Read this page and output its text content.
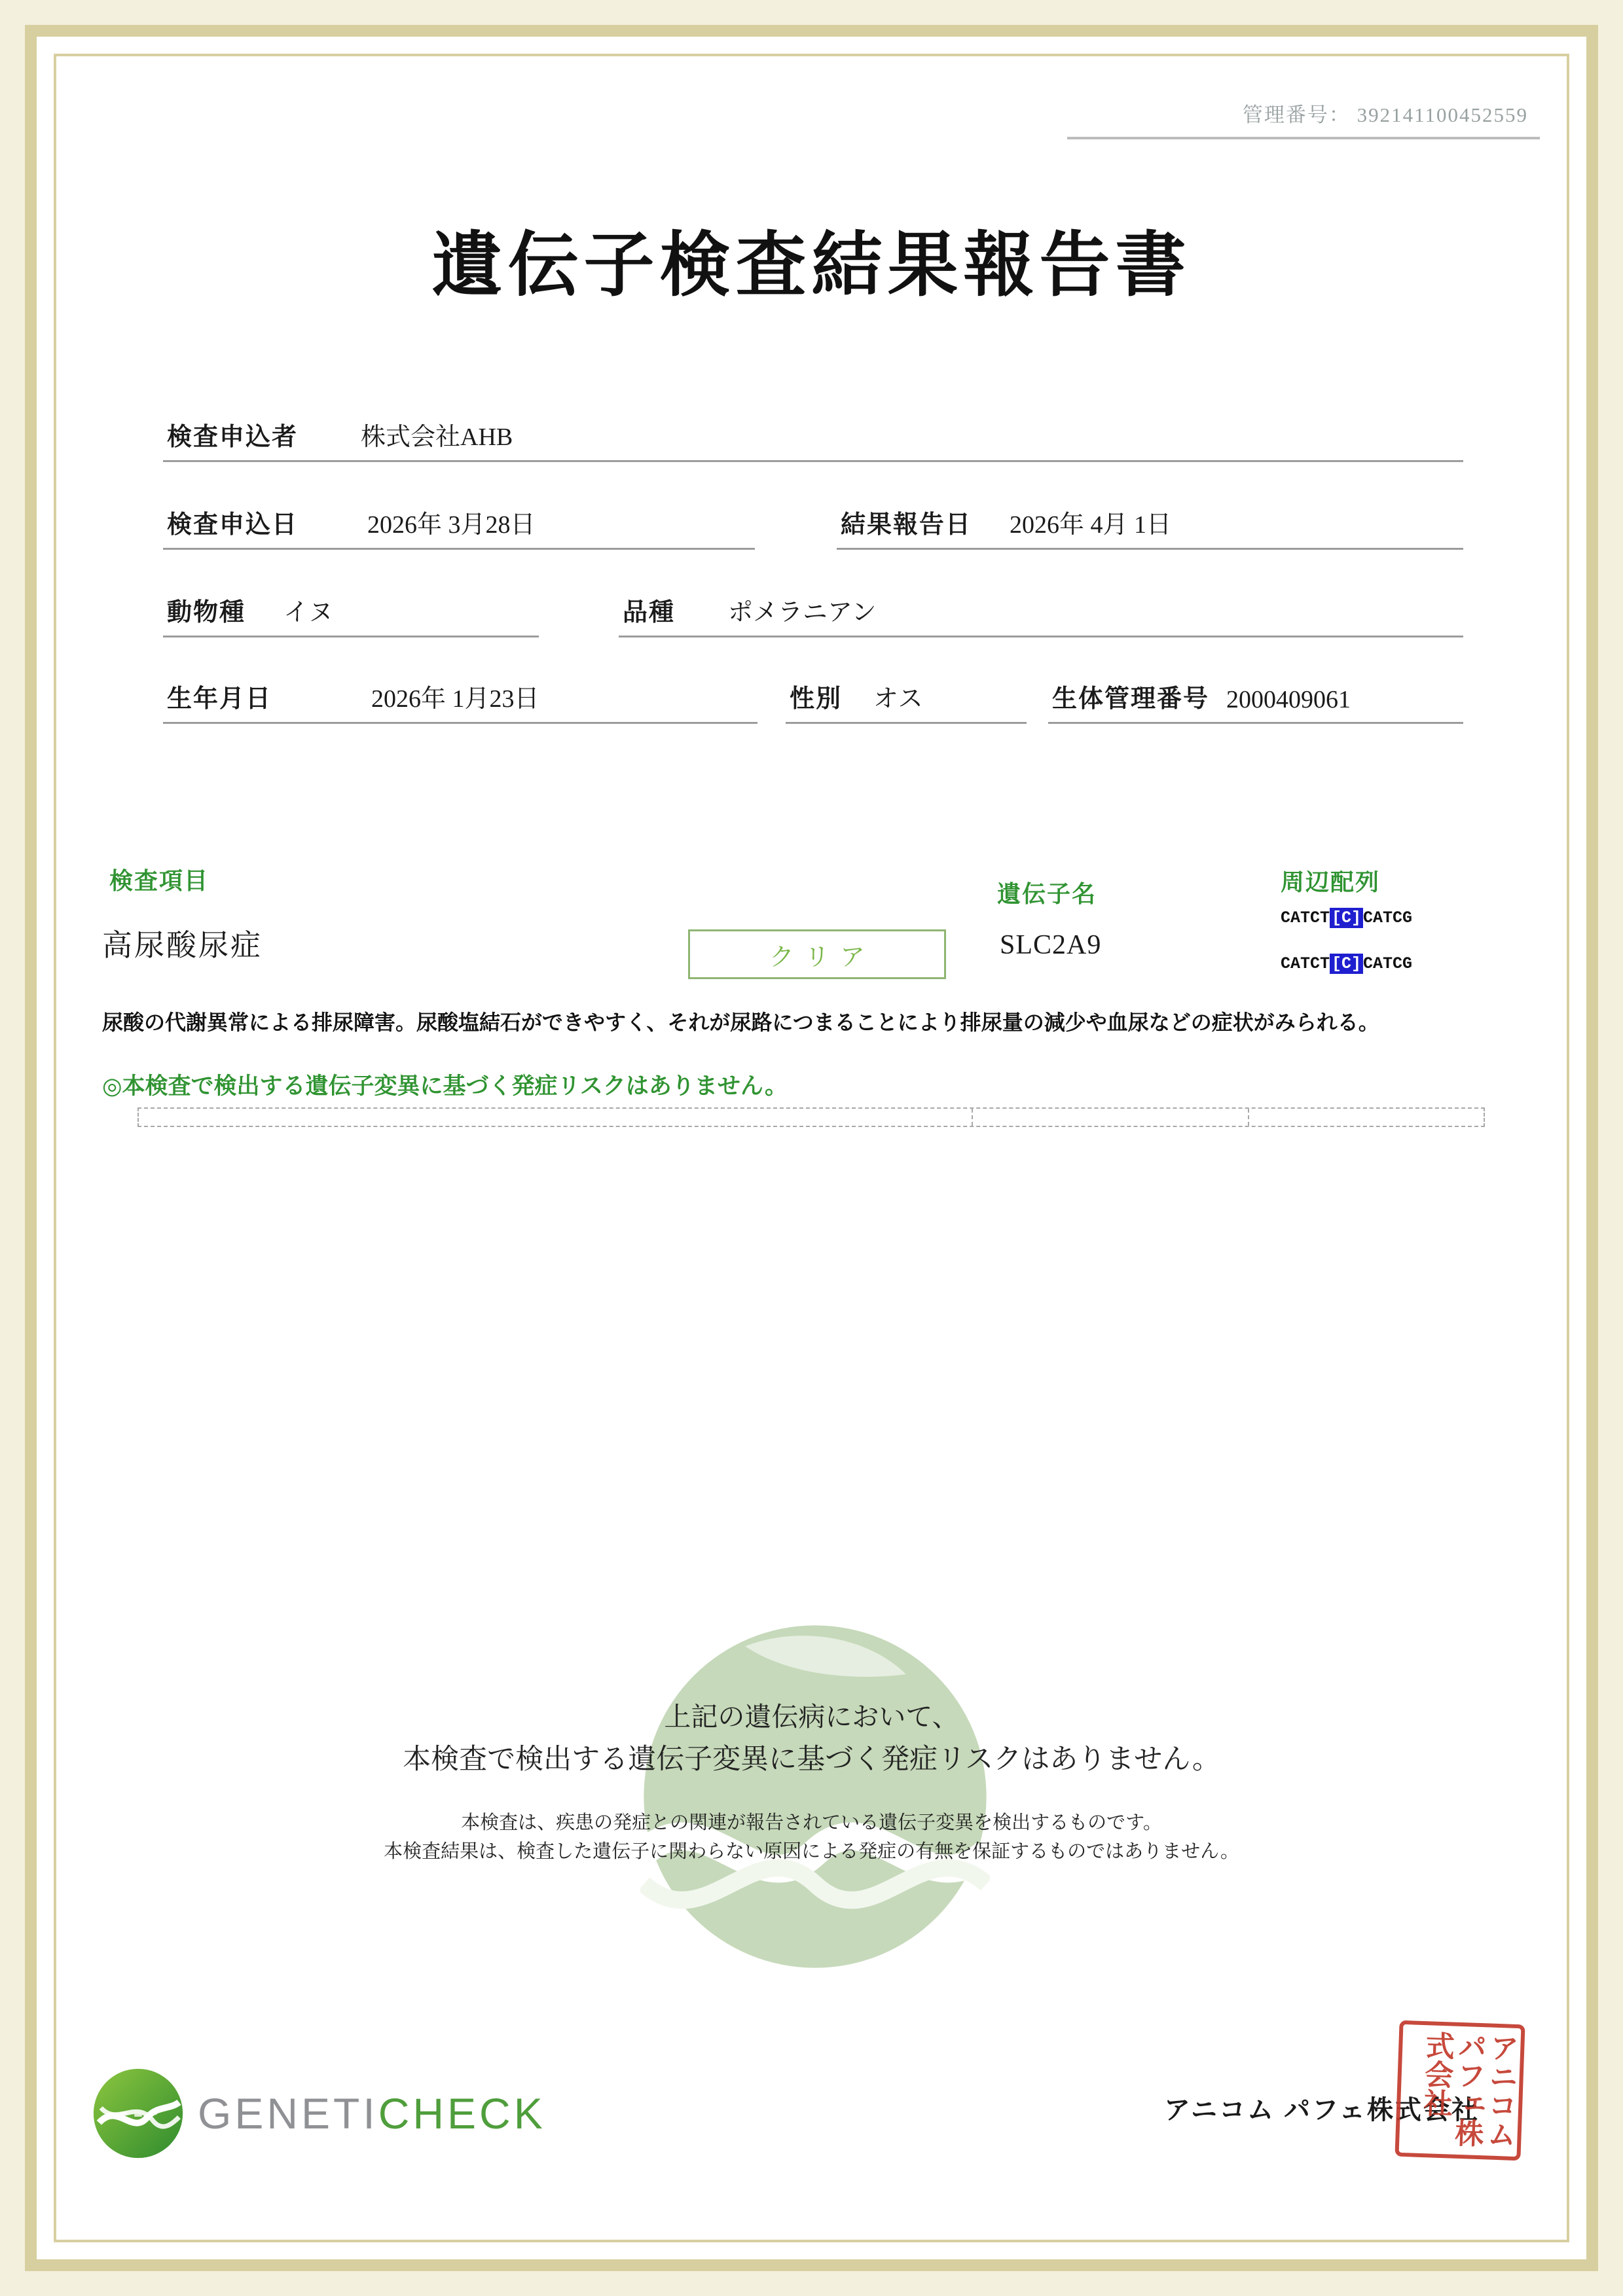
管理番号： 392141100452559
遺伝子検査結果報告書
検査申込者	株式会社AHB
検査申込日	2026年 3月28日	結果報告日 2026年 4月 1日
動物種 イヌ	品種 ポメラニアン
生年月日	2026年 1月23日	性別 オス	生体管理番号 2000409061
検査項目	遺伝子名	周辺配列
高尿酸尿症	クリア	SLC2A9
CATCT [C] CATCG
CATCT [C] CATCG
尿酸の代謝異常による排尿障害。尿酸塩結石ができやすく、それが尿路につまることにより排尿量の減少や血尿などの症状がみられる。
◎本検査で検出する遺伝子変異に基づく発症リスクはありません。
上記の遺伝病において、
本検査で検出する遺伝子変異に基づく発症リスクはありません。
本検査は、疾患の発症との関連が報告されている遺伝子変異を検出するものです。
本検査結果は、検査した遺伝子に関わらない原因による発症の有無を保証するものではありません。
GENETICHECK	アニコム パフェ株式会社 アニコムパフェ株式会社
